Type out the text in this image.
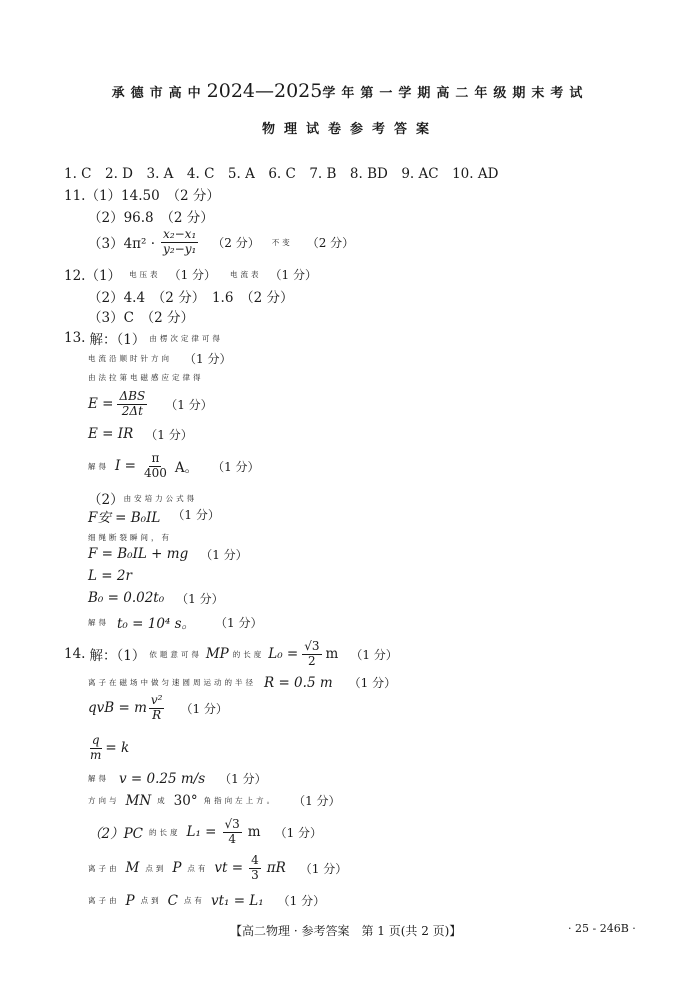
承德市高中2024—2025学年第一学期高二年级期末考试
物理试卷参考答案
1. C　2. D　3. A　4. C　5. A　6. C　7. B　8. BD　9. AC　10. AD
11.（1）14.50　（2 分）
（2）96.8　（2 分）
$(3)4\pi^2 \cdot \frac{\text{x₂−x₁}}{\text{y₂−y₁}} (2$ 分） 不变 （2 分）
12.（1） 电压表 （1 分） 电流表 （1 分）
（2）4.4　（2 分）　1.6　（2 分）
（3）C　（2 分）
13. 解：（1） 由楞次定律可得
电流沿顺时针方向 （1 分）
由法拉第电磁感应定律得
$E = \frac{\text{ΔBS}}{2\Delta t} (1$ 分）
E = IR （1 分）
解得 $I = \frac{\pi}{400}$ A。 （1 分）
（2） 由安培力公式得
F安 = B₀IL （1 分）
细绳断裂瞬间，有
F = B₀IL + mg （1 分）
L = 2r
B₀ = 0.02t₀ （1 分）
解得 t₀ = 10⁴ s。 （1 分）
14. 解：（1） 依题意可得 MP 的长度 $L_0 = \frac{√3}{2}$ m （1 分）
离子在磁场中做匀速圆周运动的半径 R = 0.5 m （1 分）
qvB = m $\frac{\text{v²}}{R} (1$ 分）
$\frac{q}{m} = k$
解得 v = 0.25 m/s （1 分）
方向与 MN 成 30° 角指向左上方。 （1 分）
（2）PC 的长度 $L_1 = \frac{√3}{4}$ m （1 分）
离子由 M 点到 P 点有 vt = $\frac{4}{3}$ πR （1 分）
离子由 P 点到 C 点有 vt₁ = L₁ （1 分）
【高二物理 · 参考答案　第 1 页(共 2 页)】	· 25 - 246B ·
